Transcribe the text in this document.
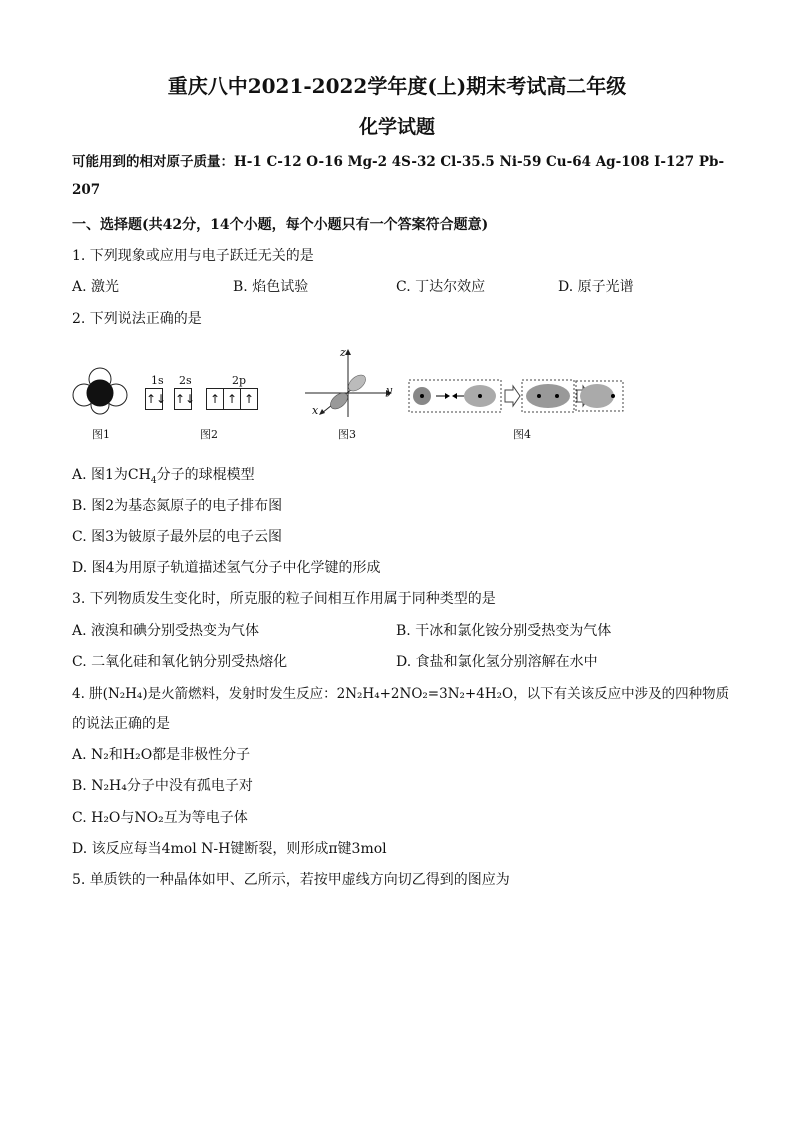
重庆八中2021-2022学年度(上)期末考试高二年级
化学试题
可能用到的相对原子质量：H-1 C-12 O-16 Mg-2 4S-32 Cl-35.5 Ni-59 Cu-64 Ag-108 I-127 Pb-
207
一、选择题(共42分，14个小题，每个小题只有一个答案符合题意)
1. 下列现象或应用与电子跃迁无关的是
A. 激光	B. 焰色试验	C. 丁达尔效应	D. 原子光谱
2. 下列说法正确的是
图1
1s 2s	2p
↑↓ ↑↓	↑ ↑ ↑
图2
z
y
x
图3	图4
A. 图1为$CH_4$分子的球棍模型
B. 图2为基态氮原子的电子排布图
C. 图3为铍原子最外层的电子云图
D. 图4为用原子轨道描述氢气分子中化学键的形成
3. 下列物质发生变化时，所克服的粒子间相互作用属于同种类型的是
A. 液溴和碘分别受热变为气体	B. 干冰和氯化铵分别受热变为气体
C. 二氧化硅和氧化钠分别受热熔化	D. 食盐和氯化氢分别溶解在水中
4. 肼(N₂H₄)是火箭燃料，发射时发生反应：2N₂H₄+2NO₂=3N₂+4H₂O，以下有关该反应中涉及的四种物质
的说法正确的是
A. N₂和H₂O都是非极性分子
B. N₂H₄分子中没有孤电子对
C. H₂O与NO₂互为等电子体
D. 该反应每当4mol N-H键断裂，则形成π键3mol
5. 单质铁的一种晶体如甲、乙所示，若按甲虚线方向切乙得到的图应为
